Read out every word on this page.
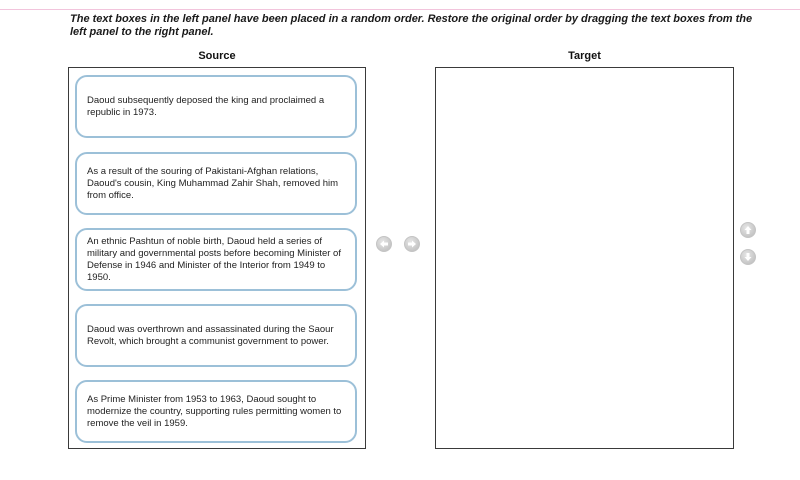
The text boxes in the left panel have been placed in a random order. Restore the original order by dragging the text boxes from the left panel to the right panel.
Source	Target
Daoud subsequently deposed the king and proclaimed a republic in 1973.
As a result of the souring of Pakistani-Afghan relations, Daoud's cousin, King Muhammad Zahir Shah, removed him from office.
An ethnic Pashtun of noble birth, Daoud held a series of military and governmental posts before becoming Minister of Defense in 1946 and Minister of the Interior from 1949 to 1950.
Daoud was overthrown and assassinated during the Saour Revolt, which brought a communist government to power.
As Prime Minister from 1953 to 1963, Daoud sought to modernize the country, supporting rules permitting women to remove the veil in 1959.
